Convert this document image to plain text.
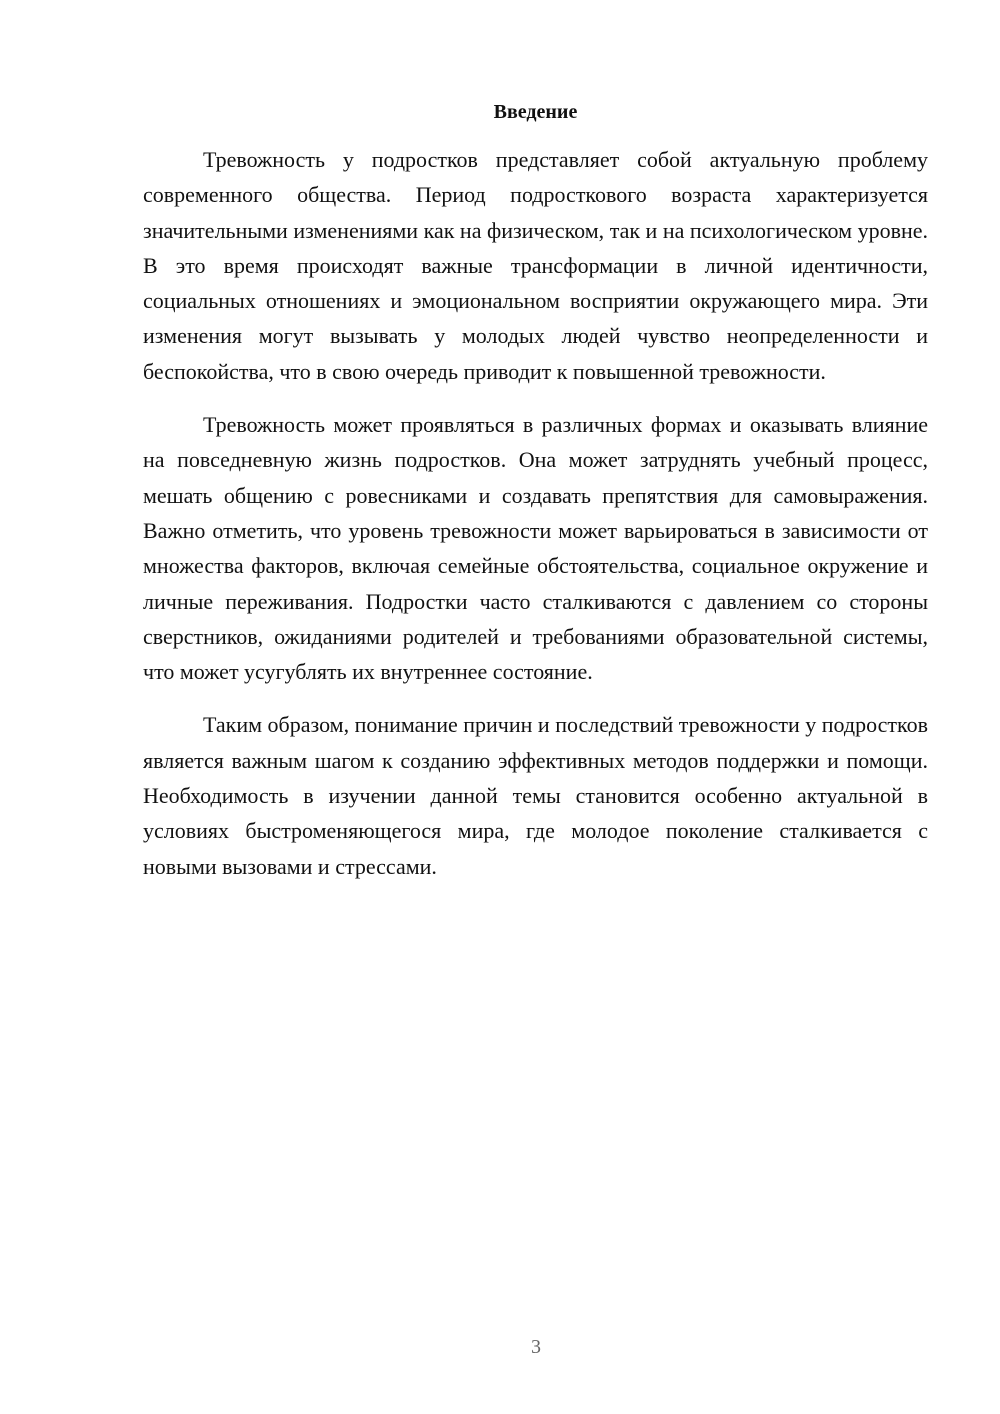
Введение

Тревожность у подростков представляет собой актуальную проблему современного общества. Период подросткового возраста характеризуется значительными изменениями как на физическом, так и на психологическом уровне. В это время происходят важные трансформации в личной идентичности, социальных отношениях и эмоциональном восприятии окружающего мира. Эти изменения могут вызывать у молодых людей чувство неопределенности и беспокойства, что в свою очередь приводит к повышенной тревожности.

Тревожность может проявляться в различных формах и оказывать влияние на повседневную жизнь подростков. Она может затруднять учебный процесс, мешать общению с ровесниками и создавать препятствия для самовыражения. Важно отметить, что уровень тревожности может варьироваться в зависимости от множества факторов, включая семейные обстоятельства, социальное окружение и личные переживания. Подростки часто сталкиваются с давлением со стороны сверстников, ожиданиями родителей и требованиями образовательной системы, что может усугублять их внутреннее состояние.

Таким образом, понимание причин и последствий тревожности у подростков является важным шагом к созданию эффективных методов поддержки и помощи. Необходимость в изучении данной темы становится особенно актуальной в условиях быстроменяющегося мира, где молодое поколение сталкивается с новыми вызовами и стрессами.

3
